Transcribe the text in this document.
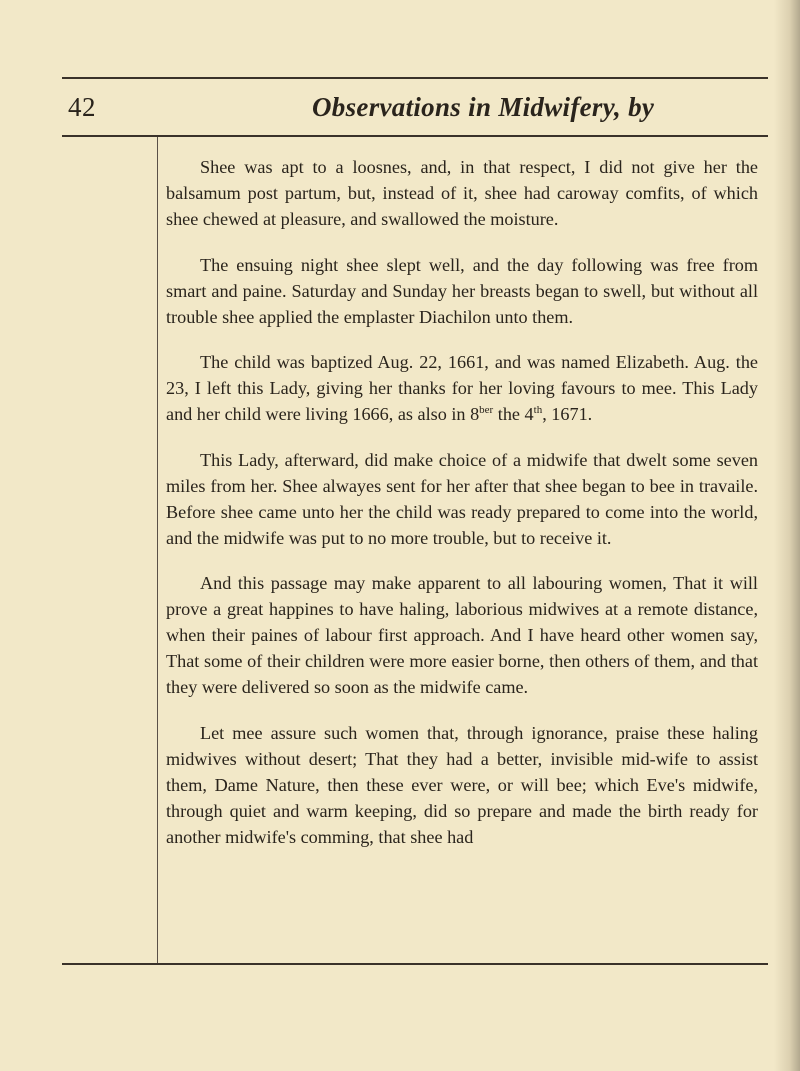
42	Observations in Midwifery, by

Shee was apt to a loosnes, and, in that respect, I did not give her the balsamum post partum, but, instead of it, shee had caroway comfits, of which shee chewed at pleasure, and swallowed the moisture.

The ensuing night shee slept well, and the day following was free from smart and paine. Saturday and Sunday her breasts began to swell, but without all trouble shee applied the emplaster Diachilon unto them.

The child was baptized Aug. 22, 1661, and was named Elizabeth. Aug. the 23, I left this Lady, giving her thanks for her loving favours to mee. This Lady and her child were living 1666, as also in $8^{ber}$ the 4th, 1671.

This Lady, afterward, did make choice of a midwife that dwelt some seven miles from her. Shee alwayes sent for her after that shee began to bee in travaile. Before shee came unto her the child was ready prepared to come into the world, and the midwife was put to no more trouble, but to receive it.

And this passage may make apparent to all labouring women, That it will prove a great happines to have haling, laborious midwives at a remote distance, when their paines of labour first approach. And I have heard other women say, That some of their children were more easier borne, then others of them, and that they were delivered so soon as the midwife came.

Let mee assure such women that, through ignorance, praise these haling midwives without desert; That they had a better, invisible mid-wife to assist them, Dame Nature, then these ever were, or will bee; which Eve's midwife, through quiet and warm keeping, did so prepare and made the birth ready for another midwife's comming, that shee had
